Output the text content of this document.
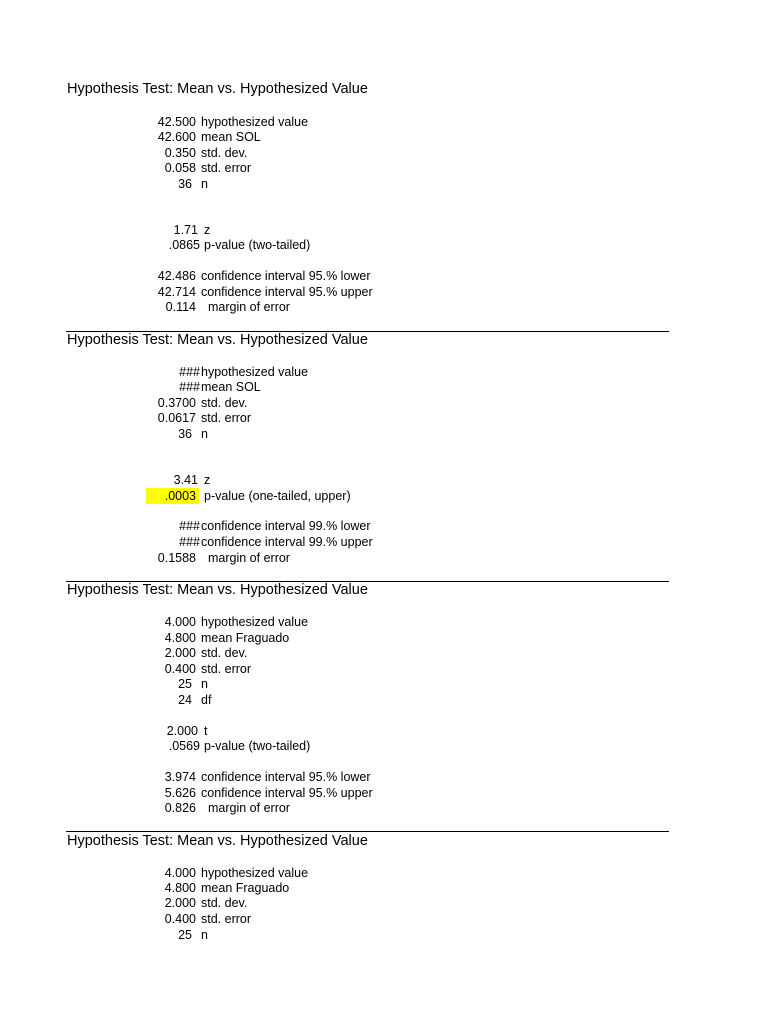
Hypothesis Test: Mean vs. Hypothesized Value
42.500 hypothesized value
42.600 mean SOL
0.350 std. dev.
0.058 std. error
36 n
1.71 z
.0865 p-value (two-tailed)
42.486 confidence interval 95.% lower
42.714 confidence interval 95.% upper
0.114 margin of error
Hypothesis Test: Mean vs. Hypothesized Value
### hypothesized value
### mean SOL
0.3700 std. dev.
0.0617 std. error
36 n
3.41 z
.0003 p-value (one-tailed, upper)
### confidence interval 99.% lower
### confidence interval 99.% upper
0.1588 margin of error
Hypothesis Test: Mean vs. Hypothesized Value
4.000 hypothesized value
4.800 mean Fraguado
2.000 std. dev.
0.400 std. error
25 n
24 df
2.000 t
.0569 p-value (two-tailed)
3.974 confidence interval 95.% lower
5.626 confidence interval 95.% upper
0.826 margin of error
Hypothesis Test: Mean vs. Hypothesized Value
4.000 hypothesized value
4.800 mean Fraguado
2.000 std. dev.
0.400 std. error
25 n
